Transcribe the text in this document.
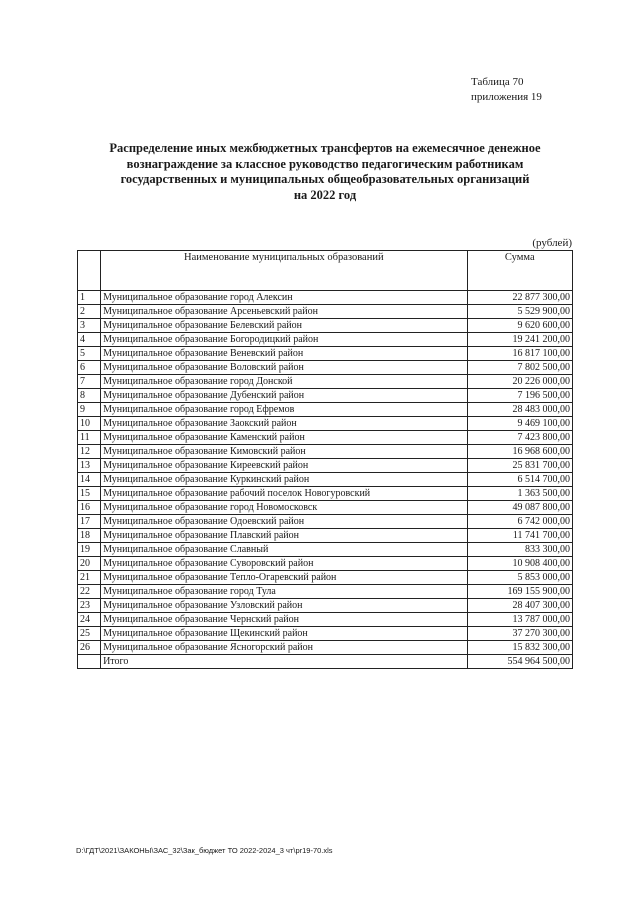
Таблица 70
приложения 19
Распределение иных межбюджетных трансфертов на ежемесячное денежное
вознаграждение за классное руководство педагогическим работникам
государственных и муниципальных общеобразовательных организаций
на 2022 год
(рублей)
	Наименование муниципальных образований	Сумма
1	Муниципальное образование город Алексин	22 877 300,00
2	Муниципальное образование Арсеньевский район	5 529 900,00
3	Муниципальное образование Белевский район	9 620 600,00
4	Муниципальное образование Богородицкий район	19 241 200,00
5	Муниципальное образование Веневский район	16 817 100,00
6	Муниципальное образование Воловский район	7 802 500,00
7	Муниципальное образование город Донской	20 226 000,00
8	Муниципальное образование Дубенский район	7 196 500,00
9	Муниципальное образование город Ефремов	28 483 000,00
10	Муниципальное образование Заокский район	9 469 100,00
11	Муниципальное образование Каменский район	7 423 800,00
12	Муниципальное образование Кимовский район	16 968 600,00
13	Муниципальное образование Киреевский район	25 831 700,00
14	Муниципальное образование Куркинский район	6 514 700,00
15	Муниципальное образование рабочий поселок Новогуровский	1 363 500,00
16	Муниципальное образование город Новомосковск	49 087 800,00
17	Муниципальное образование Одоевский район	6 742 000,00
18	Муниципальное образование Плавский район	11 741 700,00
19	Муниципальное образование Славный	833 300,00
20	Муниципальное образование Суворовский район	10 908 400,00
21	Муниципальное образование Тепло-Огаревский район	5 853 000,00
22	Муниципальное образование город Тула	169 155 900,00
23	Муниципальное образование Узловский район	28 407 300,00
24	Муниципальное образование Чернский район	13 787 000,00
25	Муниципальное образование Щекинский район	37 270 300,00
26	Муниципальное образование Ясногорский район	15 832 300,00
	Итого	554 964 500,00
D:\ГДТ\2021\ЗАКОНЫ\ЗАС_32\Зак_бюджет ТО 2022-2024_3 чт\pr19-70.xls
